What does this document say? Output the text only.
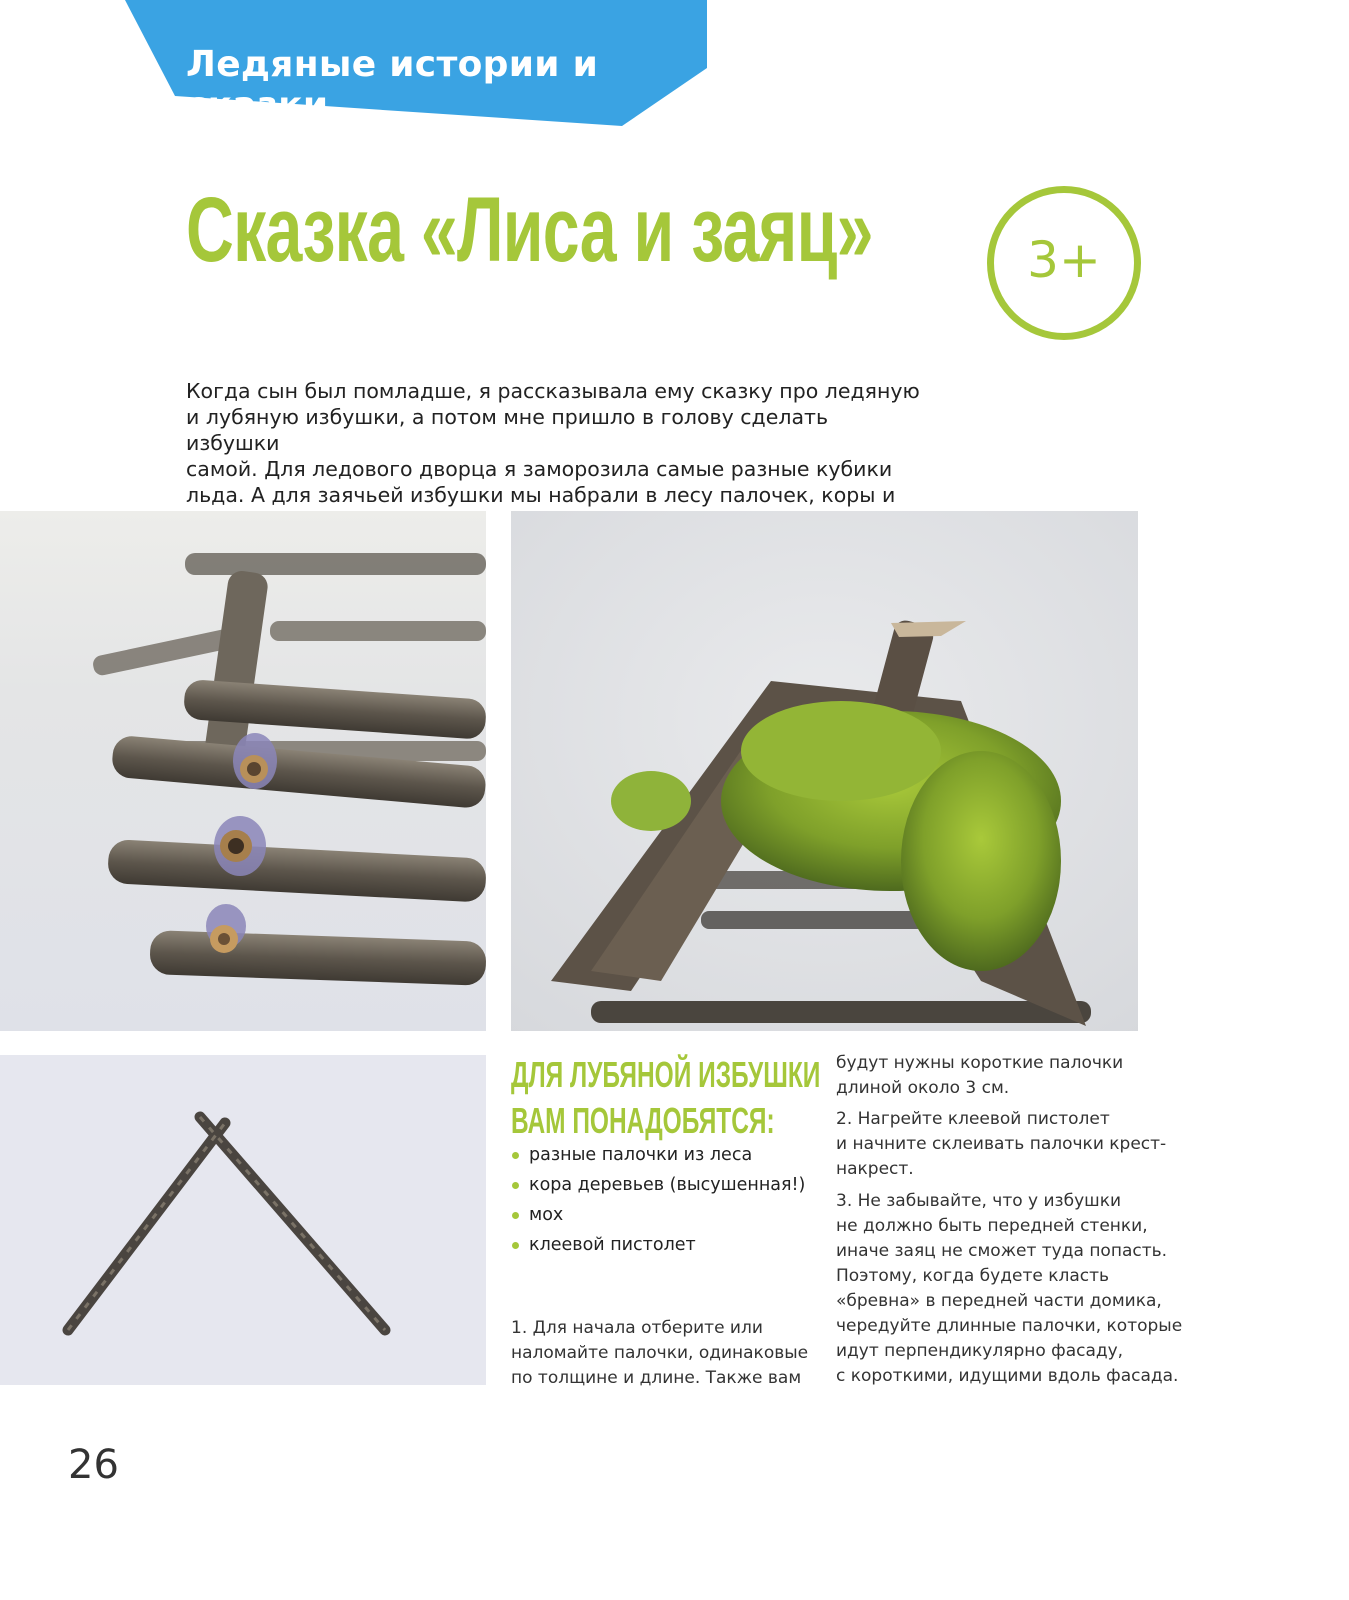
Ледяные истории и сказки
Сказка «Лиса и заяц»	3+
Когда сын был помладше, я рассказывала ему сказку про ледяную
и лубяную избушки, а потом мне пришло в голову сделать избушки
самой. Для ледового дворца я заморозила самые разные кубики
льда. А для заячьей избушки мы набрали в лесу палочек, коры и
ДЛЯ ЛУБЯНОЙ ИЗБУШКИ
ВАМ ПОНАДОБЯТСЯ:
разные палочки из леса
кора деревьев (высушенная!)
мох
клеевой пистолет
1. Для начала отберите или
наломайте палочки, одинаковые
по толщине и длине. Также вам
будут нужны короткие палочки
длиной около 3 см.
2. Нагрейте клеевой пистолет
и начните склеивать палочки крест-
накрест.
3. Не забывайте, что у избушки
не должно быть передней стенки,
иначе заяц не сможет туда попасть.
Поэтому, когда будете класть
«бревна» в передней части домика,
чередуйте длинные палочки, которые
идут перпендикулярно фасаду,
с короткими, идущими вдоль фасада.
26
